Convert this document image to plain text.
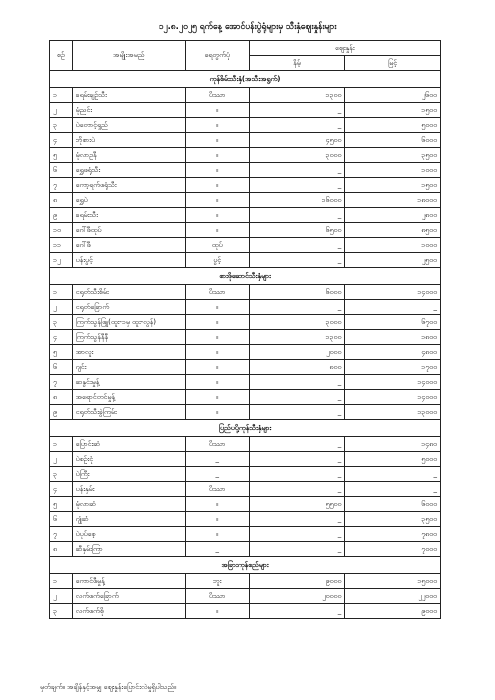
၁၂.၈.၂၀၂၅ ရက်နေ့ အောင်ပန်းပွဲရုံများမှ သီးနှံဈေးနှုန်းများ
စဉ်	အမျိုးအမည်	ရေတွက်ပုံ	ဈေးနှုန်း	
			နိမ့်	မြင့်
ကုန်စိမ်းသီးနှံ(အသီးအရွက်)				
၁	ခရမ်းချဉ်သီး	ပိဿာ	၁၃၀၀	၂၆၀၀
၂	မုံညင်း	။	_	၁၅၀၀
၃	ပဲတောင့်ရှည်	။	_	၅၀၀၀
၄	ဘိုစားပဲ	။	၄၅၀၀	၆၀၀၀
၅	မုံလာဥနီ	။	၃၀၀၀	၃၅၀၀
၆	ရွှေဖရုံသီး	။	_	၁၀၀၀
၇	ကော့ရက်ဖရုံသီး	။	_	၁၅၀၀
၈	ရွှေပဲ	။	၁၆၀၀၀	၁၈၀၀၀
၉	ခရမ်းသီး	။	_	၂၈၀၀
၁၀	ဂေါ်ဖီထုပ်	။	၆၅၀၀	၈၅၀၀
၁၁	ဂေါ်ဖီ	ထုပ်	_	၁၀၀၀
၁၂	ပန်းပွင့်	ပွင့်	_	၂၅၀၀
စားဖိုဆောင်သီးနှံများ				
၁	ငရုတ်သီးစိမ်း	ပိဿာ	၆၀၀၀	၁၄၀၀၀
၂	ငရုတ်ခြောက်	။	_	_
၃	ကြက်သွန်ဖြူ(ထူး-၁မှ ထူး-လွန်)	။	၃၀၀၀	၆၇၀၀
၄	ကြက်သွန်နီနီ	။	၁၃၀၀	၁၈၀၀
၅	အာလူး	။	၂၀၀၀	၄၈၀၀
၆	ဂျင်း	။	၈၀၀	၁၇၀၀
၇	ဆနွင်းမှုန့်	။	_	၁၄၀၀၀
၈	အရောင်တင်မှုန့်	။	_	၁၄၀၀၀
၉	ငရုတ်သီးခွဲကြမ်း	။	_	၁၃၀၀၀
ပြည်ပပို့ကုန်သီးနှံများ				
၁	ပြောင်းဆံ	ပိဿာ	_	၁၄၈၀
၂	ပဲစဉ်းငုံ	_	_	၅၀၀၀
၃	ပဲကြီး	_	_	_
၄	ပန်းနှမ်း	ပိဿာ	_	_
၅	မုံလာဆံ	။	၅၅၀၀	၆၀၀၀
၆	ဂျုံဆံ	။	_	၃၅၀၀
၇	ပဲပုပ်စေ့	။	_	၇၈၀၀
၈	ဆီနှမ်းကြာ	_	_	၇၀၀၀
အခြားကုန်စည်များ				
၁	ကောင်ဖီမှုန့်	ဘူး	၉၀၀၀	၁၅၀၀၀
၂	လက်ဖက်ခြောက်	ပိဿာ	၂၀၀၀၀	၂၂၀၀၀
၃	လက်ဖက်စို	။	_	၉၀၀၀
မှတ်ချက်။ အချိန်နှင့်အမျှ ဈေးနှုန်းပြောင်းလဲမှုရှိပါသည်။
